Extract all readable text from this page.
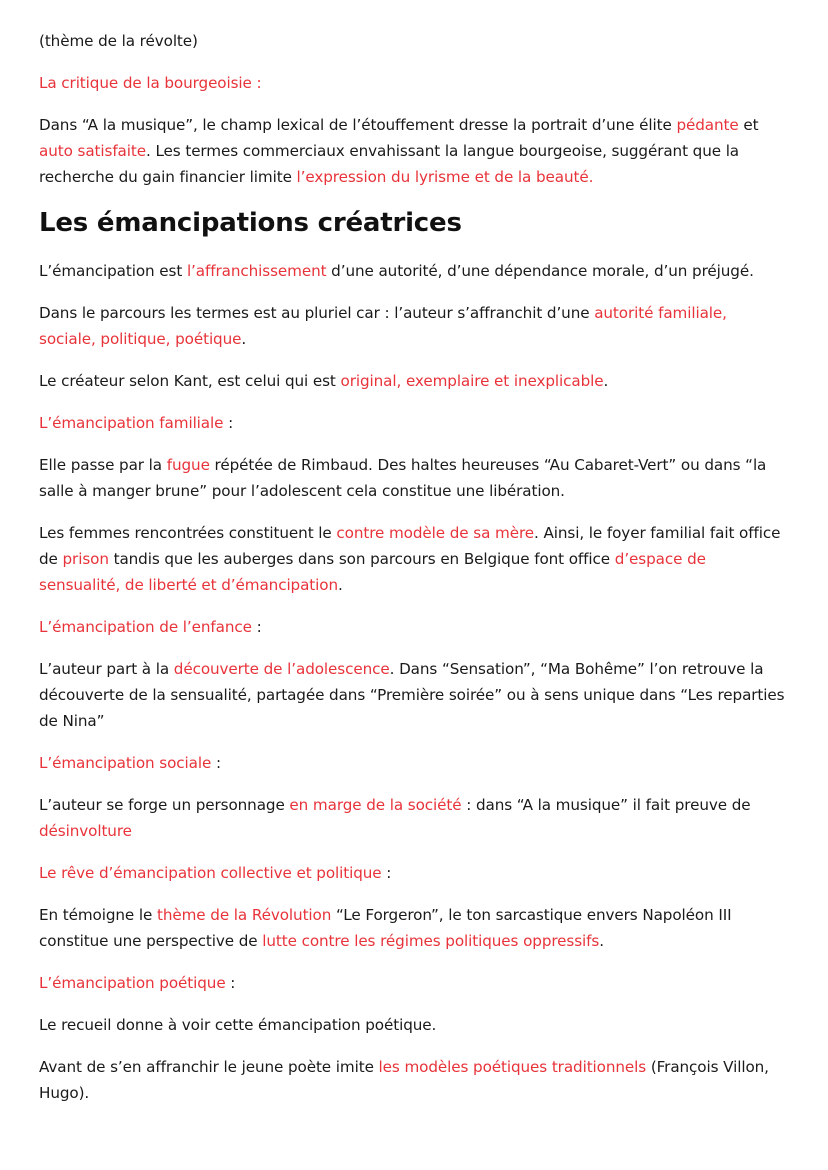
(thème de la révolte)

La critique de la bourgeoisie :

Dans “A la musique”, le champ lexical de l’étouffement dresse la portrait d’une élite pédante et auto satisfaite. Les termes commerciaux envahissant la langue bourgeoise, suggérant que la recherche du gain financier limite l’expression du lyrisme et de la beauté.

Les émancipations créatrices

L’émancipation est l’affranchissement d’une autorité, d’une dépendance morale, d’un préjugé.

Dans le parcours les termes est au pluriel car : l’auteur s’affranchit d’une autorité familiale, sociale, politique, poétique.

Le créateur selon Kant, est celui qui est original, exemplaire et inexplicable.

L’émancipation familiale :

Elle passe par la fugue répétée de Rimbaud. Des haltes heureuses “Au Cabaret-Vert” ou dans “la salle à manger brune” pour l’adolescent cela constitue une libération.

Les femmes rencontrées constituent le contre modèle de sa mère. Ainsi, le foyer familial fait office de prison tandis que les auberges dans son parcours en Belgique font office d’espace de sensualité, de liberté et d’émancipation.

L’émancipation de l’enfance :

L’auteur part à la découverte de l’adolescence. Dans “Sensation”, “Ma Bohême” l’on retrouve la découverte de la sensualité, partagée dans “Première soirée” ou à sens unique dans “Les reparties de Nina”

L’émancipation sociale :

L’auteur se forge un personnage en marge de la société : dans “A la musique” il fait preuve de désinvolture

Le rêve d’émancipation collective et politique :

En témoigne le thème de la Révolution “Le Forgeron”, le ton sarcastique envers Napoléon III constitue une perspective de lutte contre les régimes politiques oppressifs.

L’émancipation poétique :

Le recueil donne à voir cette émancipation poétique.

Avant de s’en affranchir le jeune poète imite les modèles poétiques traditionnels (François Villon, Hugo).
